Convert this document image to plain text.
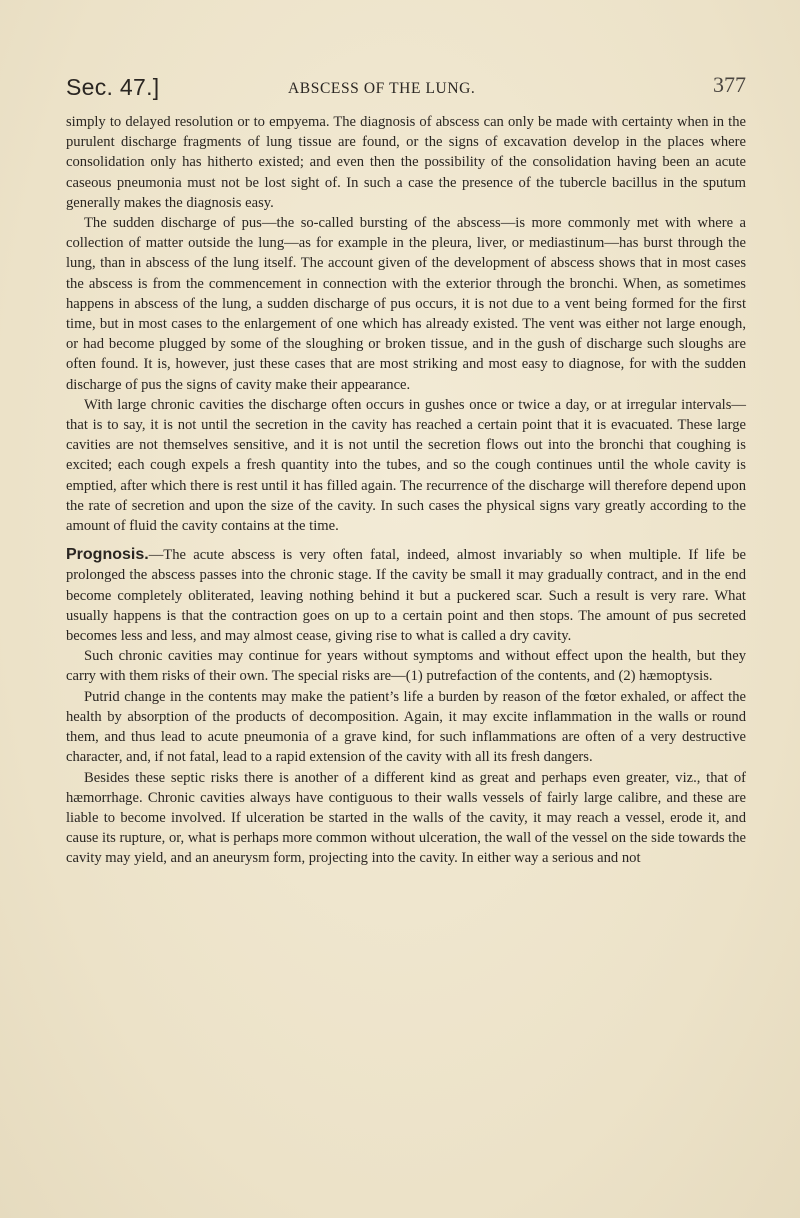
Sec. 47.]	ABSCESS OF THE LUNG.	377

simply to delayed resolution or to empyema. The diagnosis of abscess can only be made with certainty when in the purulent discharge fragments of lung tissue are found, or the signs of excavation develop in the places where consolidation only has hitherto existed; and even then the possibility of the consolidation having been an acute caseous pneumonia must not be lost sight of. In such a case the presence of the tubercle bacillus in the sputum generally makes the diagnosis easy.

The sudden discharge of pus—the so-called bursting of the abscess—is more commonly met with where a collection of matter outside the lung—as for example in the pleura, liver, or mediastinum—has burst through the lung, than in abscess of the lung itself. The account given of the development of abscess shows that in most cases the abscess is from the commencement in connection with the exterior through the bronchi. When, as sometimes happens in abscess of the lung, a sudden discharge of pus occurs, it is not due to a vent being formed for the first time, but in most cases to the enlargement of one which has already existed. The vent was either not large enough, or had become plugged by some of the sloughing or broken tissue, and in the gush of discharge such sloughs are often found. It is, however, just these cases that are most striking and most easy to diagnose, for with the sudden discharge of pus the signs of cavity make their appearance.

With large chronic cavities the discharge often occurs in gushes once or twice a day, or at irregular intervals—that is to say, it is not until the secretion in the cavity has reached a certain point that it is evacuated. These large cavities are not themselves sensitive, and it is not until the secretion flows out into the bronchi that coughing is excited; each cough expels a fresh quantity into the tubes, and so the cough continues until the whole cavity is emptied, after which there is rest until it has filled again. The recurrence of the discharge will therefore depend upon the rate of secretion and upon the size of the cavity. In such cases the physical signs vary greatly according to the amount of fluid the cavity contains at the time.

Prognosis.—The acute abscess is very often fatal, indeed, almost invariably so when multiple. If life be prolonged the abscess passes into the chronic stage. If the cavity be small it may gradually contract, and in the end become completely obliterated, leaving nothing behind it but a puckered scar. Such a result is very rare. What usually happens is that the contraction goes on up to a certain point and then stops. The amount of pus secreted becomes less and less, and may almost cease, giving rise to what is called a dry cavity.

Such chronic cavities may continue for years without symptoms and without effect upon the health, but they carry with them risks of their own. The special risks are—(1) putrefaction of the contents, and (2) hæmoptysis.

Putrid change in the contents may make the patient’s life a burden by reason of the fœtor exhaled, or affect the health by absorption of the products of decomposition. Again, it may excite inflammation in the walls or round them, and thus lead to acute pneumonia of a grave kind, for such inflammations are often of a very destructive character, and, if not fatal, lead to a rapid extension of the cavity with all its fresh dangers.

Besides these septic risks there is another of a different kind as great and perhaps even greater, viz., that of hæmorrhage. Chronic cavities always have contiguous to their walls vessels of fairly large calibre, and these are liable to become involved. If ulceration be started in the walls of the cavity, it may reach a vessel, erode it, and cause its rupture, or, what is perhaps more common without ulceration, the wall of the vessel on the side towards the cavity may yield, and an aneurysm form, projecting into the cavity. In either way a serious and not
